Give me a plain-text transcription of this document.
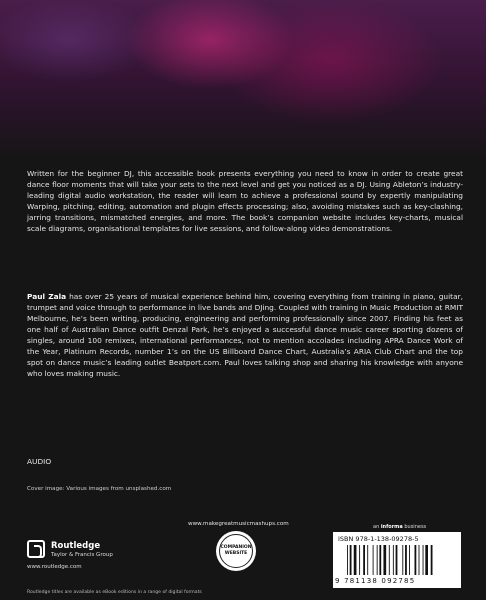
Written for the beginner DJ, this accessible book presents everything you need to know in order to create great dance floor moments that will take your sets to the next level and get you noticed as a DJ. Using Ableton’s industry-leading digital audio workstation, the reader will learn to achieve a professional sound by expertly manipulating Warping, pitching, editing, automation and plugin effects processing; also, avoiding mistakes such as key-clashing, jarring transitions, mismatched energies, and more. The book’s companion website includes key-charts, musical scale diagrams, organisational templates for live sessions, and follow-along video demonstrations.
Paul Zala has over 25 years of musical experience behind him, covering everything from training in piano, guitar, trumpet and voice through to performance in live bands and DJing. Coupled with training in Music Production at RMIT Melbourne, he’s been writing, producing, engineering and performing professionally since 2007. Finding his feet as one half of Australian Dance outfit Denzal Park, he’s enjoyed a successful dance music career sporting dozens of singles, around 100 remixes, international performances, not to mention accolades including APRA Dance Work of the Year, Platinum Records, number 1’s on the US Billboard Dance Chart, Australia’s ARIA Club Chart and the top spot on dance music’s leading outlet Beatport.com. Paul loves talking shop and sharing his knowledge with anyone who loves making music.
AUDIO
Cover image: Various images from unsplashed.com
Routledge
Taylor & Francis Group
www.routledge.com
www.makegreatmusicmashups.com
COMPANION
WEBSITE
an informa business
ISBN 978-1-138-09278-5
9 781138 092785
Routledge titles are available as eBook editions in a range of digital formats
